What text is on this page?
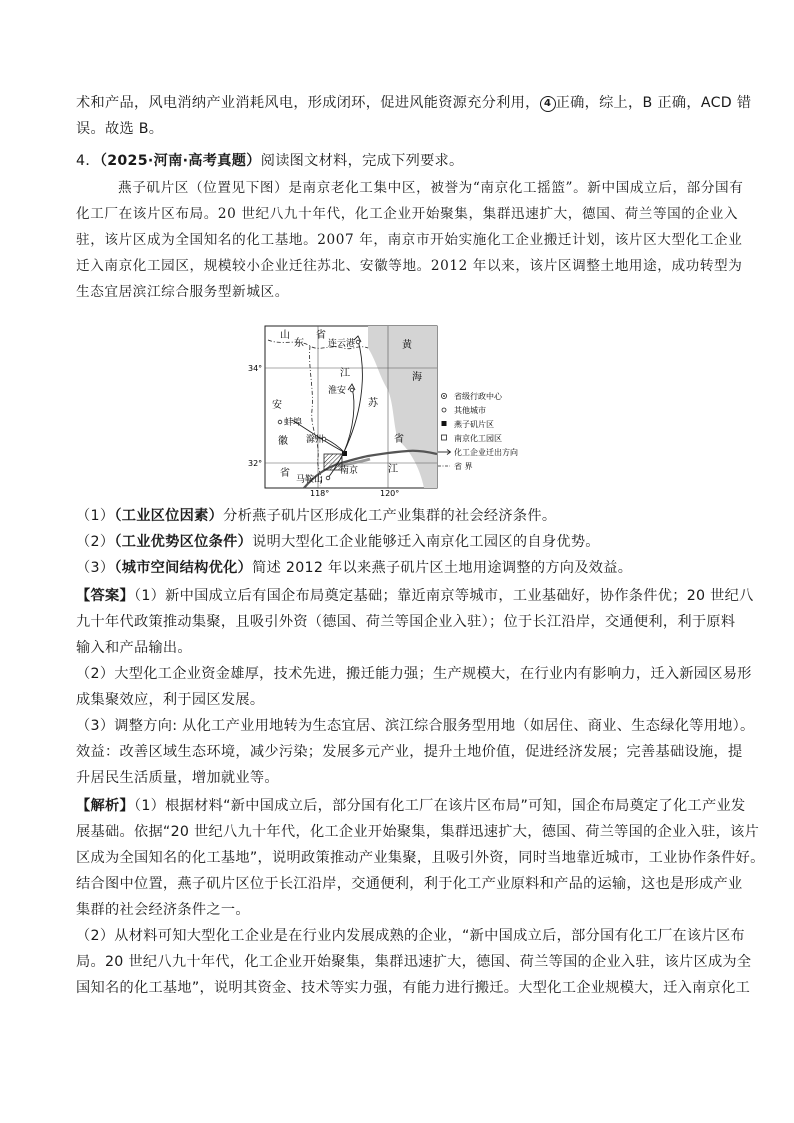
术和产品，风电消纳产业消耗风电，形成闭环，促进风能资源充分利用， 4 正确，综上，B 正确，ACD 错
误。故选 B。
4．（2025·河南·高考真题）阅读图文材料，完成下列要求。
燕子矶片区（位置见下图）是南京老化工集中区，被誉为“南京化工摇篮”。新中国成立后，部分国有
化工厂在该片区布局。20 世纪八九十年代，化工企业开始聚集，集群迅速扩大，德国、荷兰等国的企业入
驻，该片区成为全国知名的化工基地。2007 年，南京市开始实施化工企业搬迁计划，该片区大型化工企业
迁入南京化工园区，规模较小企业迁往苏北、安徽等地。2012 年以来，该片区调整土地用途，成功转型为
生态宜居滨江综合服务型新城区。
34°
32°
118°	120°
山
东
省
江
苏
省
安
徽
省	江
黄
海
连云港
淮安
蚌埠
滁州
南京
马鞍山
省级行政中心
其他城市
燕子矶片区
南京化工园区
化工企业迁出方向
省 界
（1）（工业区位因素）分析燕子矶片区形成化工产业集群的社会经济条件。
（2）（工业优势区位条件）说明大型化工企业能够迁入南京化工园区的自身优势。
（3）（城市空间结构优化）简述 2012 年以来燕子矶片区土地用途调整的方向及效益。
【答案】（1）新中国成立后有国企布局奠定基础；靠近南京等城市，工业基础好，协作条件优；20 世纪八
九十年代政策推动集聚，且吸引外资（德国、荷兰等国企业入驻）；位于长江沿岸，交通便利，利于原料
输入和产品输出。
（2）大型化工企业资金雄厚，技术先进，搬迁能力强；生产规模大，在行业内有影响力，迁入新园区易形
成集聚效应，利于园区发展。
（3）调整方向: 从化工产业用地转为生态宜居、滨江综合服务型用地（如居住、商业、生态绿化等用地）。
效益：改善区域生态环境，减少污染；发展多元产业，提升土地价值，促进经济发展；完善基础设施，提
升居民生活质量，增加就业等。
【解析】（1）根据材料“新中国成立后，部分国有化工厂在该片区布局”可知，国企布局奠定了化工产业发
展基础。依据“20 世纪八九十年代，化工企业开始聚集，集群迅速扩大，德国、荷兰等国的企业入驻，该片
区成为全国知名的化工基地”，说明政策推动产业集聚，且吸引外资，同时当地靠近城市，工业协作条件好。
结合图中位置，燕子矶片区位于长江沿岸，交通便利，利于化工产业原料和产品的运输，这也是形成产业
集群的社会经济条件之一。
（2）从材料可知大型化工企业是在行业内发展成熟的企业，“新中国成立后，部分国有化工厂在该片区布
局。20 世纪八九十年代，化工企业开始聚集，集群迅速扩大，德国、荷兰等国的企业入驻，该片区成为全
国知名的化工基地”，说明其资金、技术等实力强，有能力进行搬迁。大型化工企业规模大，迁入南京化工
